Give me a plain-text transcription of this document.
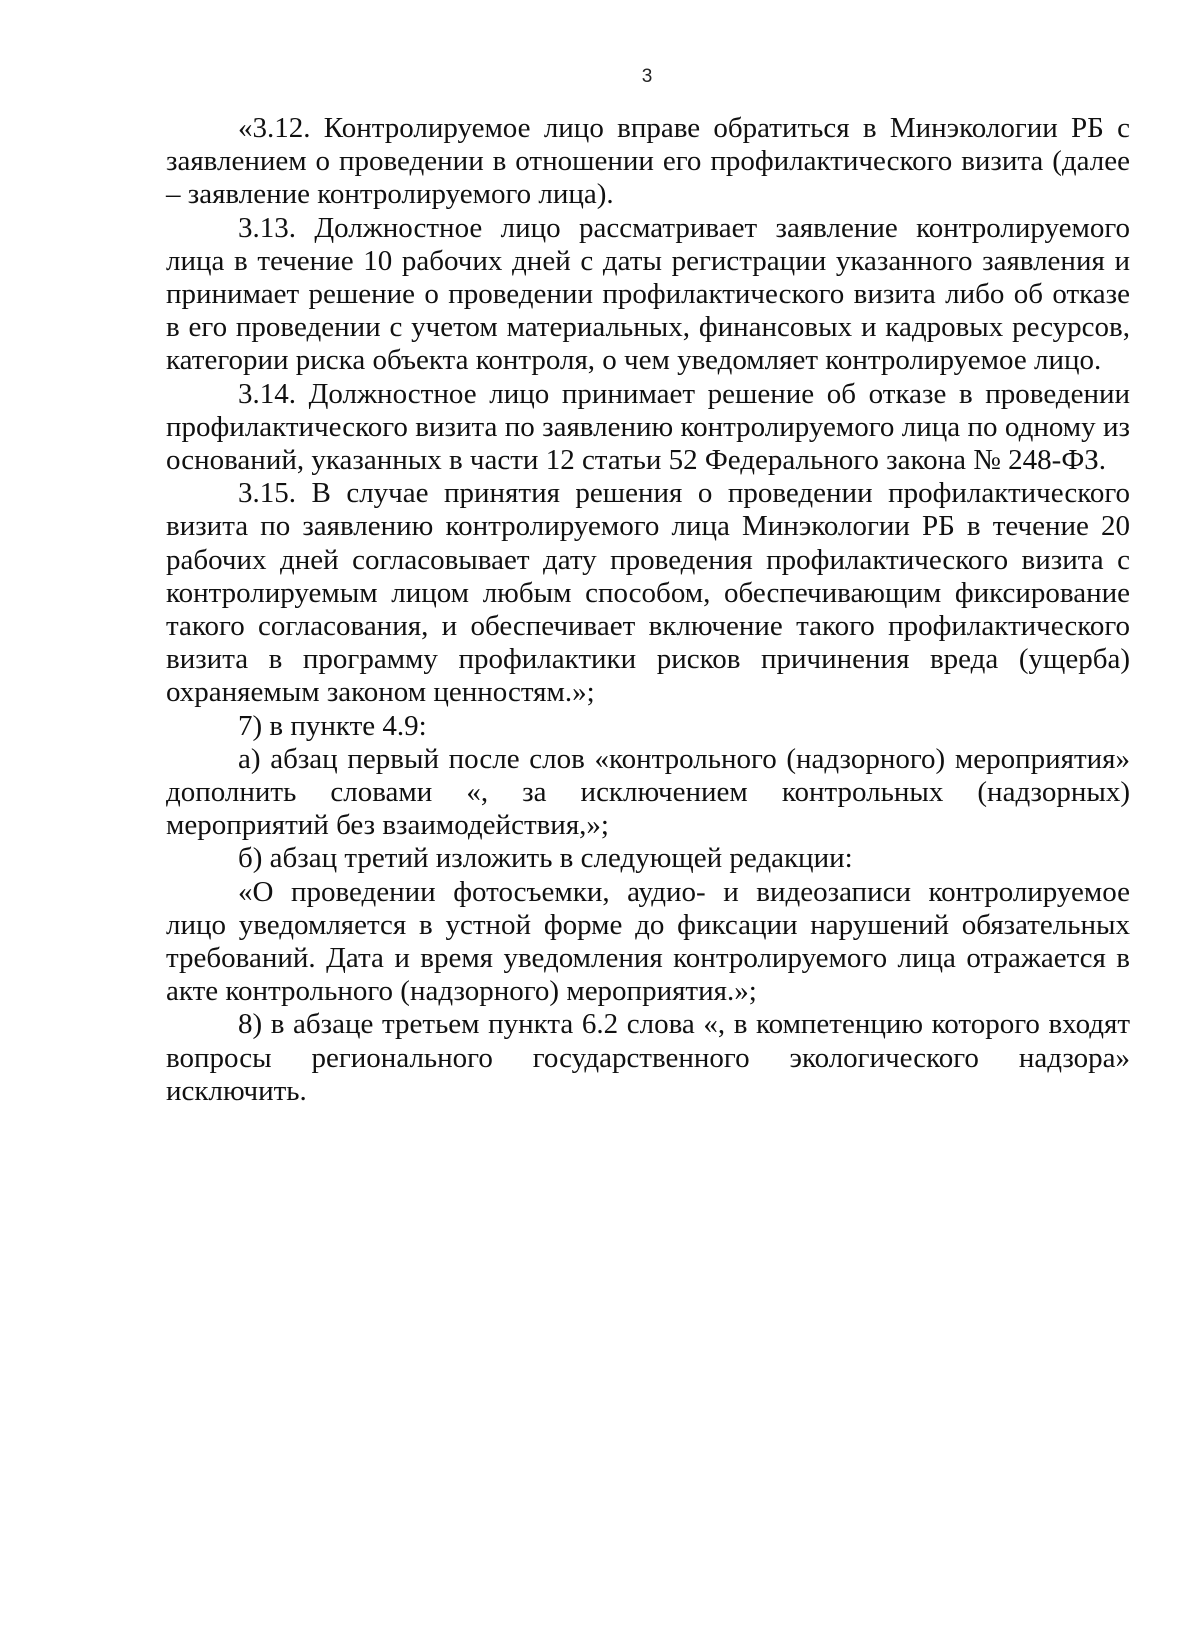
3

«3.12. Контролируемое лицо вправе обратиться в Минэкологии РБ с заявлением о проведении в отношении его профилактического визита (далее – заявление контролируемого лица).

3.13. Должностное лицо рассматривает заявление контролируемого лица в течение 10 рабочих дней с даты регистрации указанного заявления и принимает решение о проведении профилактического визита либо об отказе в его проведении с учетом материальных, финансовых и кадровых ресурсов, категории риска объекта контроля, о чем уведомляет контролируемое лицо.

3.14. Должностное лицо принимает решение об отказе в проведении профилактического визита по заявлению контролируемого лица по одному из оснований, указанных в части 12 статьи 52 Федерального закона № 248-ФЗ.

3.15. В случае принятия решения о проведении профилактического визита по заявлению контролируемого лица Минэкологии РБ в течение 20 рабочих дней согласовывает дату проведения профилактического визита с контролируемым лицом любым способом, обеспечивающим фиксирование такого согласования, и обеспечивает включение такого профилактического визита в программу профилактики рисков причинения вреда (ущерба) охраняемым законом ценностям.»;

7) в пункте 4.9:

а) абзац первый после слов «контрольного (надзорного) мероприятия» дополнить словами «, за исключением контрольных (надзорных) мероприятий без взаимодействия,»;

б) абзац третий изложить в следующей редакции:

«О проведении фотосъемки, аудио- и видеозаписи контролируемое лицо уведомляется в устной форме до фиксации нарушений обязательных требований. Дата и время уведомления контролируемого лица отражается в акте контрольного (надзорного) мероприятия.»;

8) в абзаце третьем пункта 6.2 слова «, в компетенцию которого входят вопросы регионального государственного экологического надзора» исключить.
